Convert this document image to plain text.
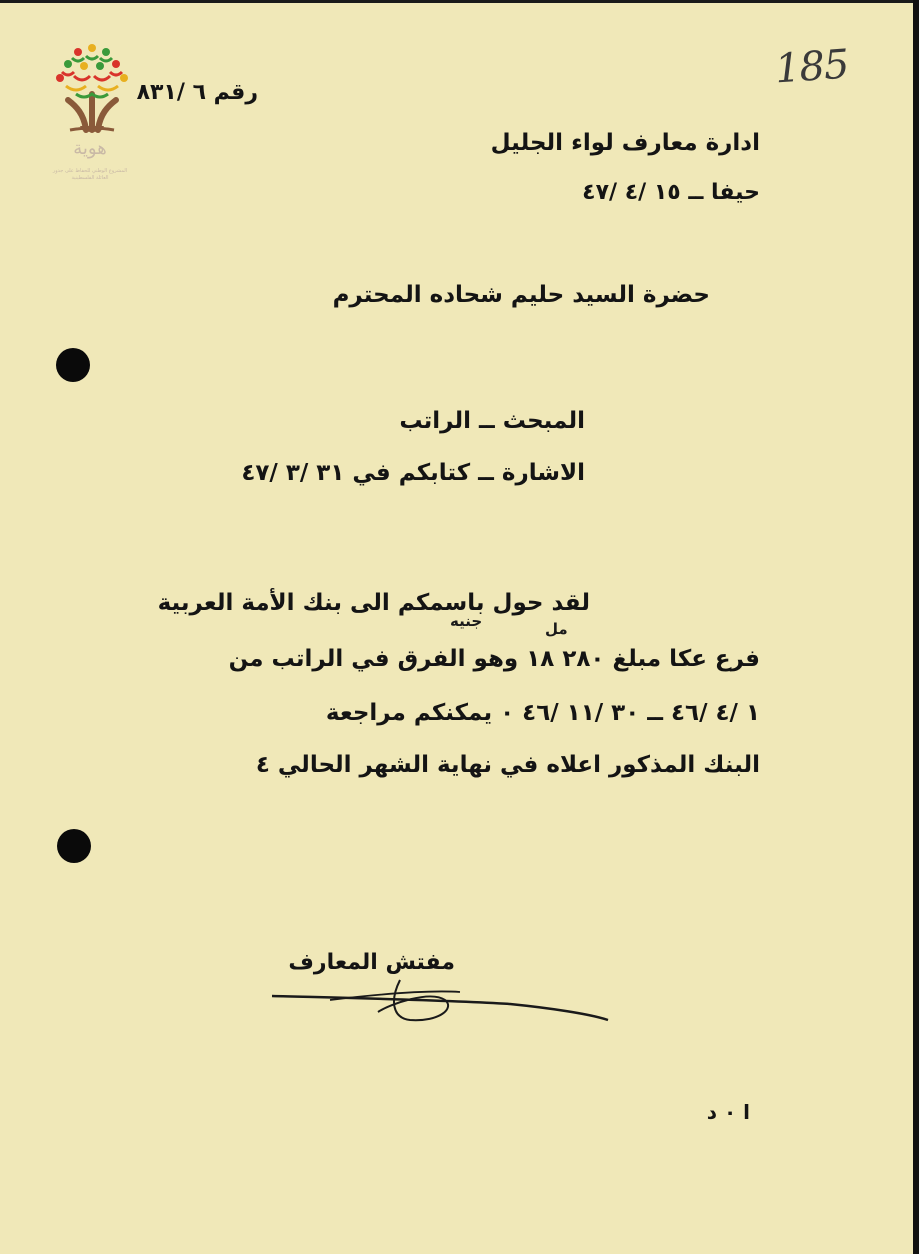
هوية
المشروع الوطني للحفاظ على جذور العائلة الفلسطينية
185
رقم ٦ /٨٣١
ادارة معارف لواء الجليل
حيفا ــ ١٥ /٤ /٤٧
حضرة السيد حليم شحاده المحترم
المبحث ــ الراتب
الاشارة ــ كتابكم في ٣١ /٣ /٤٧
لقد حول باسمكم الى بنك الأمة العربية
مل
جنيه
فرع عكا مبلغ ٢٨٠ ١٨ وهو الفرق في الراتب من
١ /٤ /٤٦ ــ ٣٠ /١١ /٤٦ ٠ يمكنكم مراجعة
البنك المذكور اعلاه في نهاية الشهر الحالي ٤
مفتش المعارف
ا ٠ د
